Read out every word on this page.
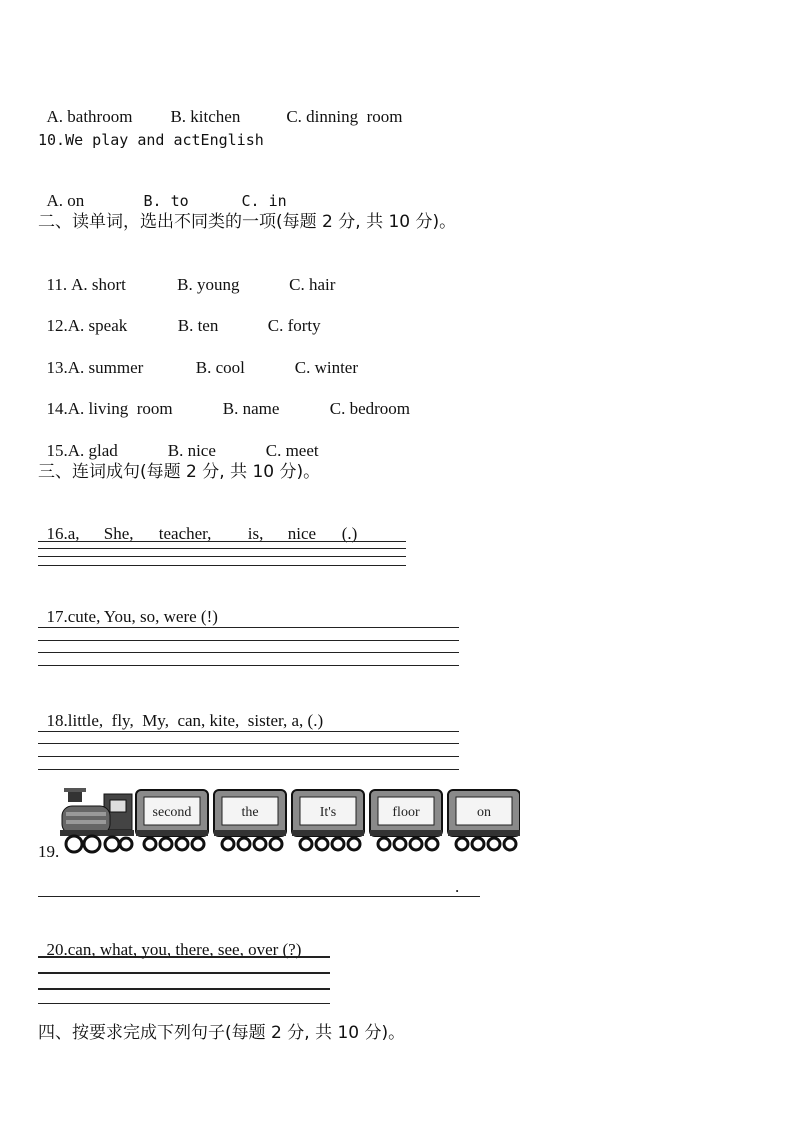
A. bathroom B. kitchen	C. dinning  room

10.We play and actEnglish

A. on	B. to	C. in

二、读单词，选出不同类的一项(每题 2 分, 共 10 分)。

11. A. short	B. young	C. hair

12.A. speak	B. ten	C. forty

13.A. summer	B. cool	C. winter

14.A. living  room	B. name	C. bedroom

15.A. glad	B. nice	C. meet

三、连词成句(每题 2 分, 共 10 分)。

16.a, She, teacher, is, nice (.)

17.cute, You, so, were (!)

18.little,  fly,  My,  can, kite,  sister, a, (.)

19.
second	the	It's	floor	on
.

20.can, what, you, there, see, over (?)

四、按要求完成下列句子(每题 2 分, 共 10 分)。
